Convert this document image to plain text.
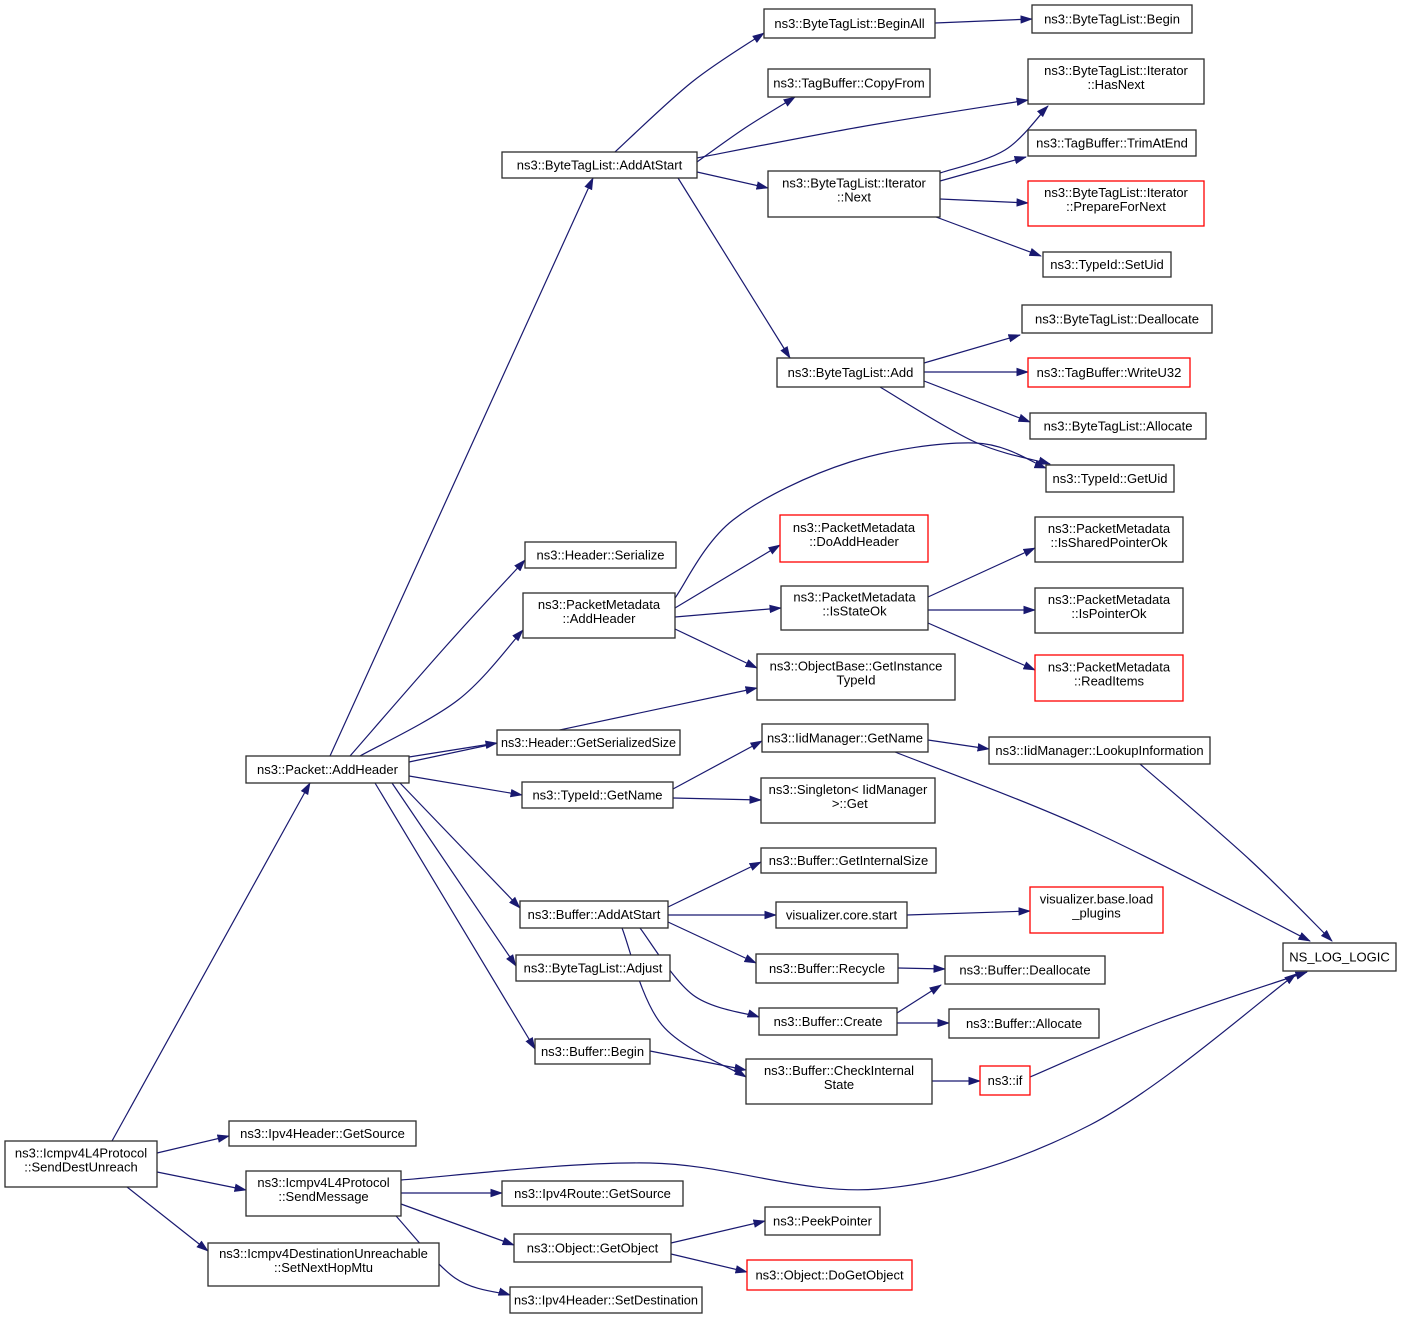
ns3::Icmpv4L4Protocol ::SendDestUnreach
ns3::Packet::AddHeader
ns3::ByteTagList::AddAtStart
ns3::ByteTagList::BeginAll	ns3::ByteTagList::Begin
ns3::TagBuffer::CopyFrom
ns3::ByteTagList::Iterator ::HasNext
ns3::TagBuffer::TrimAtEnd
ns3::ByteTagList::Iterator ::Next	ns3::ByteTagList::Iterator ::PrepareForNext
ns3::TypeId::SetUid
ns3::ByteTagList::Add
ns3::ByteTagList::Deallocate
ns3::TagBuffer::WriteU32
ns3::ByteTagList::Allocate
ns3::TypeId::GetUid
ns3::Header::Serialize
ns3::PacketMetadata ::AddHeader
ns3::PacketMetadata ::DoAddHeader
ns3::PacketMetadata ::IsStateOk
ns3::ObjectBase::GetInstance TypeId
ns3::PacketMetadata ::IsSharedPointerOk
ns3::PacketMetadata ::IsPointerOk
ns3::PacketMetadata ::ReadItems
ns3::Header::GetSerializedSize
ns3::TypeId::GetName
ns3::IidManager::GetName
ns3::IidManager::LookupInformation
ns3::Singleton< IidManager >::Get
ns3::Buffer::GetInternalSize
ns3::Buffer::AddAtStart
ns3::ByteTagList::Adjust
ns3::Buffer::Begin
visualizer.core.start
visualizer.base.load _plugins
ns3::Buffer::Recycle	ns3::Buffer::Deallocate
ns3::Buffer::Create	ns3::Buffer::Allocate
ns3::Buffer::CheckInternal State	ns3::if
NS_LOG_LOGIC
ns3::Ipv4Header::GetSource
ns3::Icmpv4L4Protocol ::SendMessage
ns3::Icmpv4DestinationUnreachable ::SetNextHopMtu
ns3::Ipv4Route::GetSource
ns3::Object::GetObject
ns3::Ipv4Header::SetDestination
ns3::PeekPointer
ns3::Object::DoGetObject
